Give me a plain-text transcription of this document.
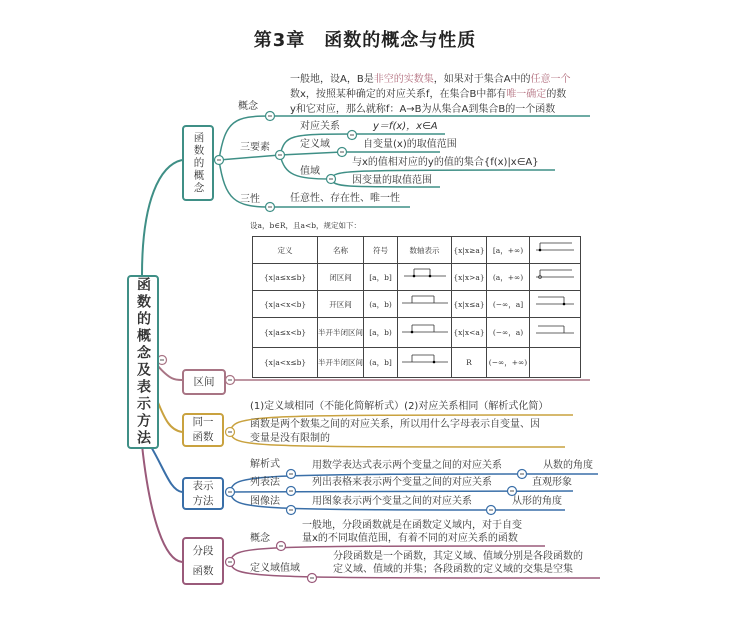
第3章　函数的概念与性质
函数的概念及表示方法
函数的概念
区间
同一函数
表示方法
分段函数
概念
一般地，设A，B是非空的实数集，如果对于集合A中的任意一个
数x，按照某种确定的对应关系f，在集合B中都有唯一确定的数
y和它对应，那么就称f：A→B为从集合A到集合B的一个函数
三要素
对应关系	y＝f(x)，x∈A
定义域	自变量(x)的取值范围
值域
与x的值相对应的y的值的集合{f(x)|x∈A}
因变量的取值范围
三性	任意性、存在性、唯一性
设a，b∈R，且a<b，规定如下：
定义	名称	符号	数轴表示	{x|x≥a}	[a，+∞)	
{x|a≤x≤b}	闭区间	[a，b]		{x|x>a}	(a，+∞)	
{x|a<x<b}	开区间	(a，b)		{x|x≤a}	(−∞，a]	
{x|a≤x<b}	半开半闭区间	[a，b)		{x|x<a}	(−∞，a)	
{x|a<x≤b}	半开半闭区间	(a，b]		R	(−∞，+∞)	
(1)定义域相同（不能化简解析式）(2)对应关系相同（解析式化简）
函数是两个数集之间的对应关系，所以用什么字母表示自变量、因
变量是没有限制的
解析式	用数学表达式表示两个变量之间的对应关系	从数的角度
列表法	列出表格来表示两个变量之间的对应关系	直观形象
图像法	用图象表示两个变量之间的对应关系	从形的角度
概念
一般地，分段函数就是在函数定义域内，对于自变
量x的不同取值范围，有着不同的对应关系的函数
定义域值域
分段函数是一个函数，其定义域、值域分别是各段函数的
定义域、值域的并集；各段函数的定义域的交集是空集
